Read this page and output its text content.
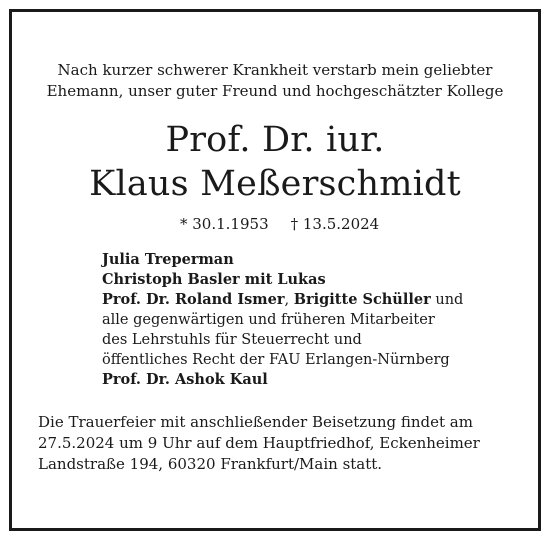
Nach kurzer schwerer Krankheit verstarb mein geliebter
Ehemann, unser guter Freund und hochgeschätzter Kollege
Prof. Dr. iur.
Klaus Meßerschmidt
* 30.1.1953 † 13.5.2024
Julia Treperman
Christoph Basler mit Lukas
Prof. Dr. Roland Ismer, Brigitte Schüller und
alle gegenwärtigen und früheren Mitarbeiter
des Lehrstuhls für Steuerrecht und
öffentliches Recht der FAU Erlangen-Nürnberg
Prof. Dr. Ashok Kaul
Die Trauerfeier mit anschließender Beisetzung findet am
27.5.2024 um 9 Uhr auf dem Hauptfriedhof, Eckenheimer
Landstraße 194, 60320 Frankfurt/Main statt.
